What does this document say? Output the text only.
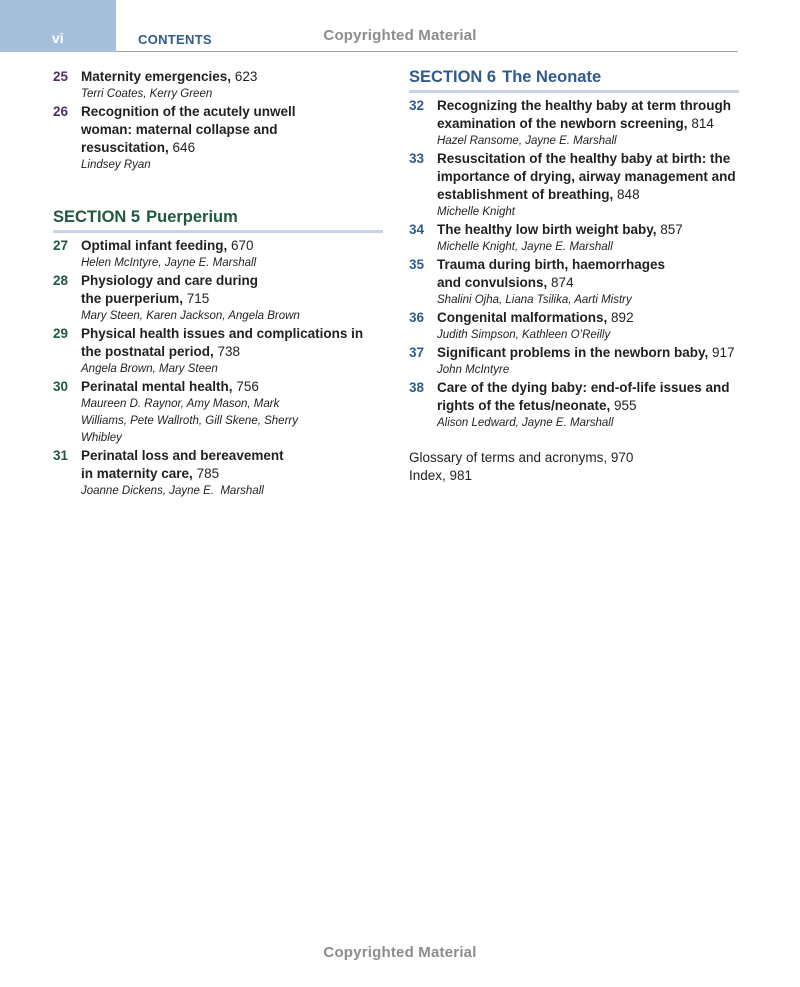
vi	CONTENTS	Copyrighted Material
25 Maternity emergencies, 623
Terri Coates, Kerry Green
26 Recognition of the acutely unwell woman: maternal collapse and resuscitation, 646
Lindsey Ryan
SECTION 5 Puerperium
27 Optimal infant feeding, 670
Helen McIntyre, Jayne E. Marshall
28 Physiology and care during the puerperium, 715
Mary Steen, Karen Jackson, Angela Brown
29 Physical health issues and complications in the postnatal period, 738
Angela Brown, Mary Steen
30 Perinatal mental health, 756
Maureen D. Raynor, Amy Mason, Mark Williams, Pete Wallroth, Gill Skene, Sherry Whibley
31 Perinatal loss and bereavement in maternity care, 785
Joanne Dickens, Jayne E.  Marshall
SECTION 6 The Neonate
32 Recognizing the healthy baby at term through examination of the newborn screening, 814
Hazel Ransome, Jayne E. Marshall
33 Resuscitation of the healthy baby at birth: the importance of drying, airway management and establishment of breathing, 848
Michelle Knight
34 The healthy low birth weight baby, 857
Michelle Knight, Jayne E. Marshall
35 Trauma during birth, haemorrhages and convulsions, 874
Shalini Ojha, Liana Tsilika, Aarti Mistry
36 Congenital malformations, 892
Judith Simpson, Kathleen O’Reilly
37 Significant problems in the newborn baby, 917
John McIntyre
38 Care of the dying baby: end-of-life issues and rights of the fetus/neonate, 955
Alison Ledward, Jayne E. Marshall
Glossary of terms and acronyms, 970
Index, 981
Copyrighted Material
